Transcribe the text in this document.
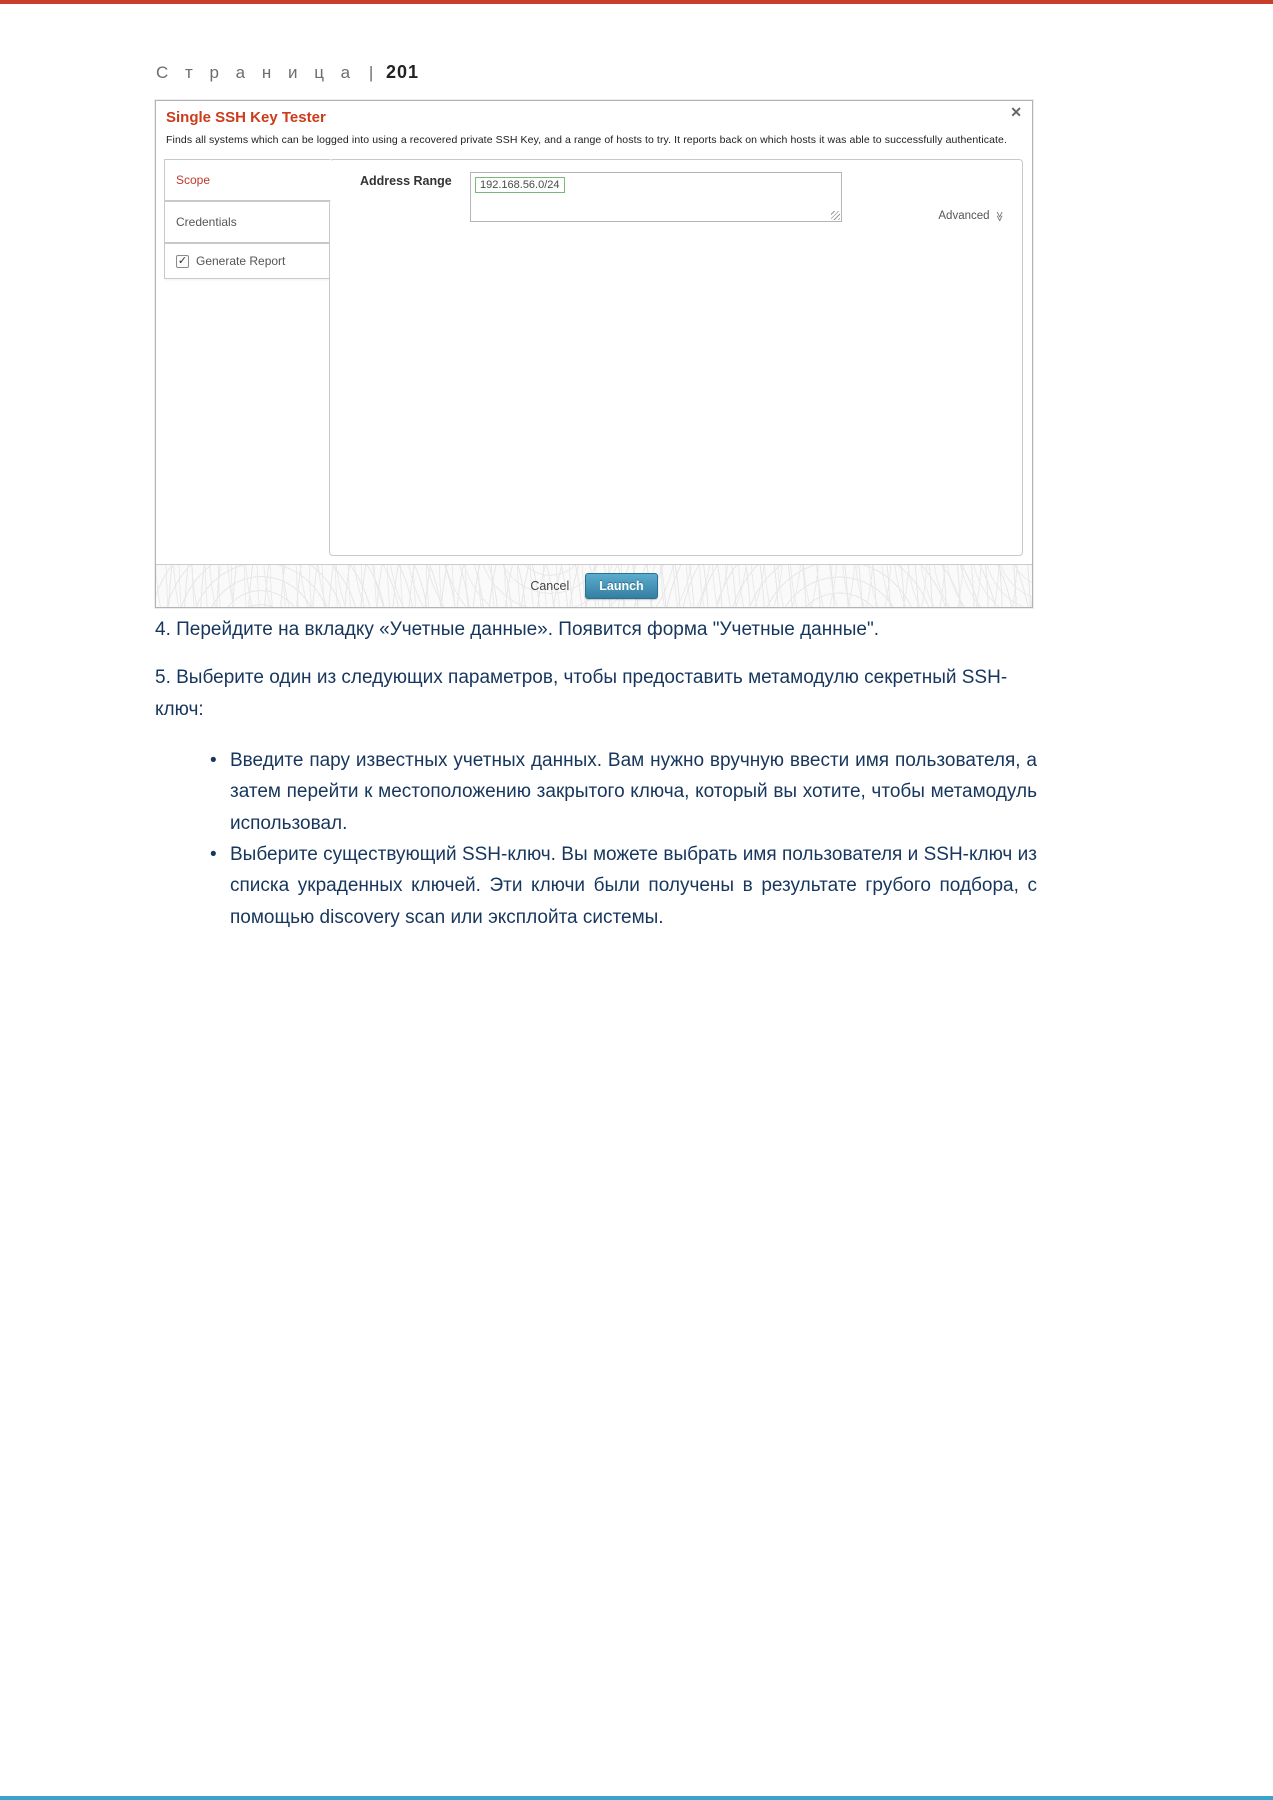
С т р а н и ц а | 201
Single SSH Key Tester	✕
Finds all systems which can be logged into using a recovered private SSH Key, and a range of hosts to try. It reports back on which hosts it was able to successfully authenticate.
Scope
Credentials
✓ Generate Report
Address Range	192.168.56.0/24
Advanced ≫
Cancel	Launch

4. Перейдите на вкладку «Учетные данные». Появится форма "Учетные данные".

5. Выберите один из следующих параметров, чтобы предоставить метамодулю секретный SSH-ключ:

• Введите пару известных учетных данных. Вам нужно вручную ввести имя пользователя, а затем перейти к местоположению закрытого ключа, который вы хотите, чтобы метамодуль использовал.
• Выберите существующий SSH-ключ. Вы можете выбрать имя пользователя и SSH-ключ из списка украденных ключей. Эти ключи были получены в результате грубого подбора, с помощью discovery scan или эксплойта системы.
